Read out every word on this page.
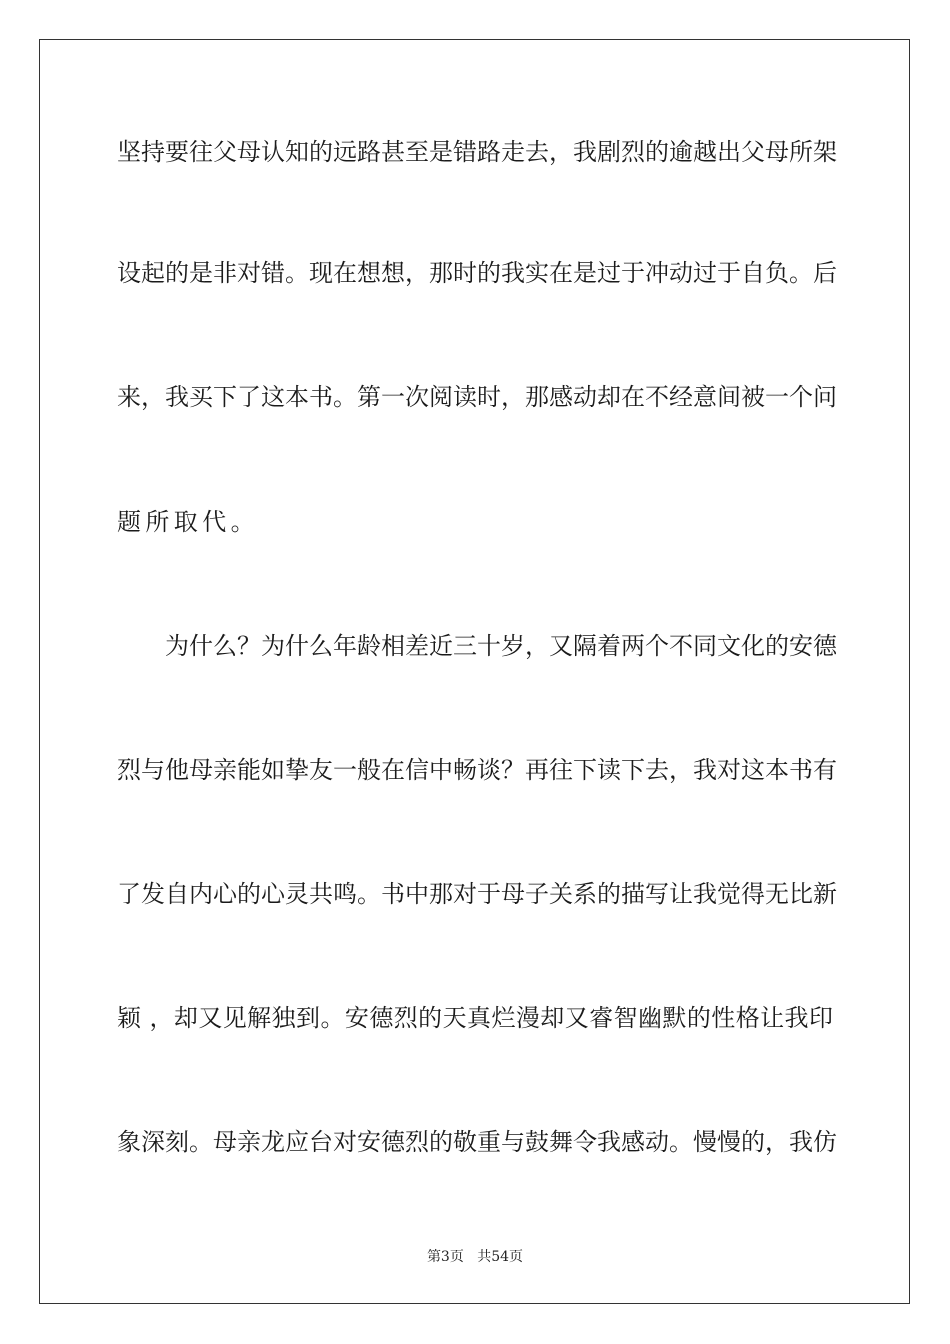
坚持要往父母认知的远路甚至是错路走去，我剧烈的逾越出父母所架
设起的是非对错。现在想想，那时的我实在是过于冲动过于自负。后
来，我买下了这本书。第一次阅读时，那感动却在不经意间被一个问
题所取代。
为什么？为什么年龄相差近三十岁，又隔着两个不同文化的安德
烈与他母亲能如挚友一般在信中畅谈？再往下读下去，我对这本书有
了发自内心的心灵共鸣。书中那对于母子关系的描写让我觉得无比新
颖 ，却又见解独到。安德烈的天真烂漫却又睿智幽默的性格让我印
象深刻。母亲龙应台对安德烈的敬重与鼓舞令我感动。慢慢的，我仿
第3页 共54页
